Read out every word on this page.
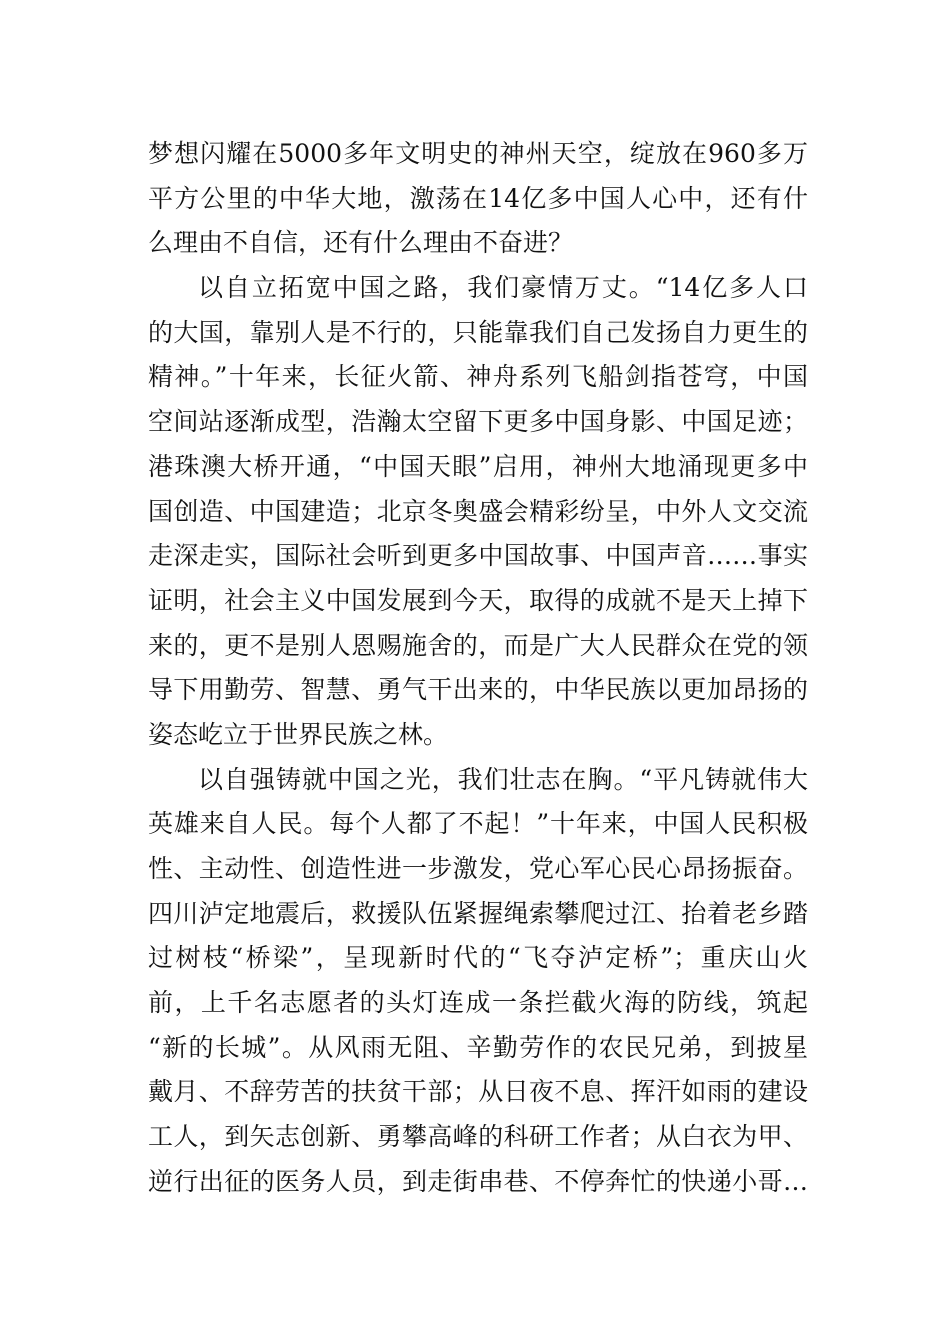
梦想闪耀在5000多年文明史的神州天空，绽放在960多万
平方公里的中华大地，激荡在14亿多中国人心中，还有什
么理由不自信，还有什么理由不奋进？
以自立拓宽中国之路，我们豪情万丈。“14亿多人口
的大国，靠别人是不行的，只能靠我们自己发扬自力更生的
精神。”十年来，长征火箭、神舟系列飞船剑指苍穹，中国
空间站逐渐成型，浩瀚太空留下更多中国身影、中国足迹；
港珠澳大桥开通，“中国天眼”启用，神州大地涌现更多中
国创造、中国建造；北京冬奥盛会精彩纷呈，中外人文交流
走深走实，国际社会听到更多中国故事、中国声音……事实
证明，社会主义中国发展到今天，取得的成就不是天上掉下
来的，更不是别人恩赐施舍的，而是广大人民群众在党的领
导下用勤劳、智慧、勇气干出来的，中华民族以更加昂扬的
姿态屹立于世界民族之林。
以自强铸就中国之光，我们壮志在胸。“平凡铸就伟大
英雄来自人民。每个人都了不起！”十年来，中国人民积极
性、主动性、创造性进一步激发，党心军心民心昂扬振奋。
四川泸定地震后，救援队伍紧握绳索攀爬过江、抬着老乡踏
过树枝“桥梁”，呈现新时代的“飞夺泸定桥”；重庆山火
前，上千名志愿者的头灯连成一条拦截火海的防线，筑起
“新的长城”。从风雨无阻、辛勤劳作的农民兄弟，到披星
戴月、不辞劳苦的扶贫干部；从日夜不息、挥汗如雨的建设
工人，到矢志创新、勇攀高峰的科研工作者；从白衣为甲、
逆行出征的医务人员，到走街串巷、不停奔忙的快递小哥…
